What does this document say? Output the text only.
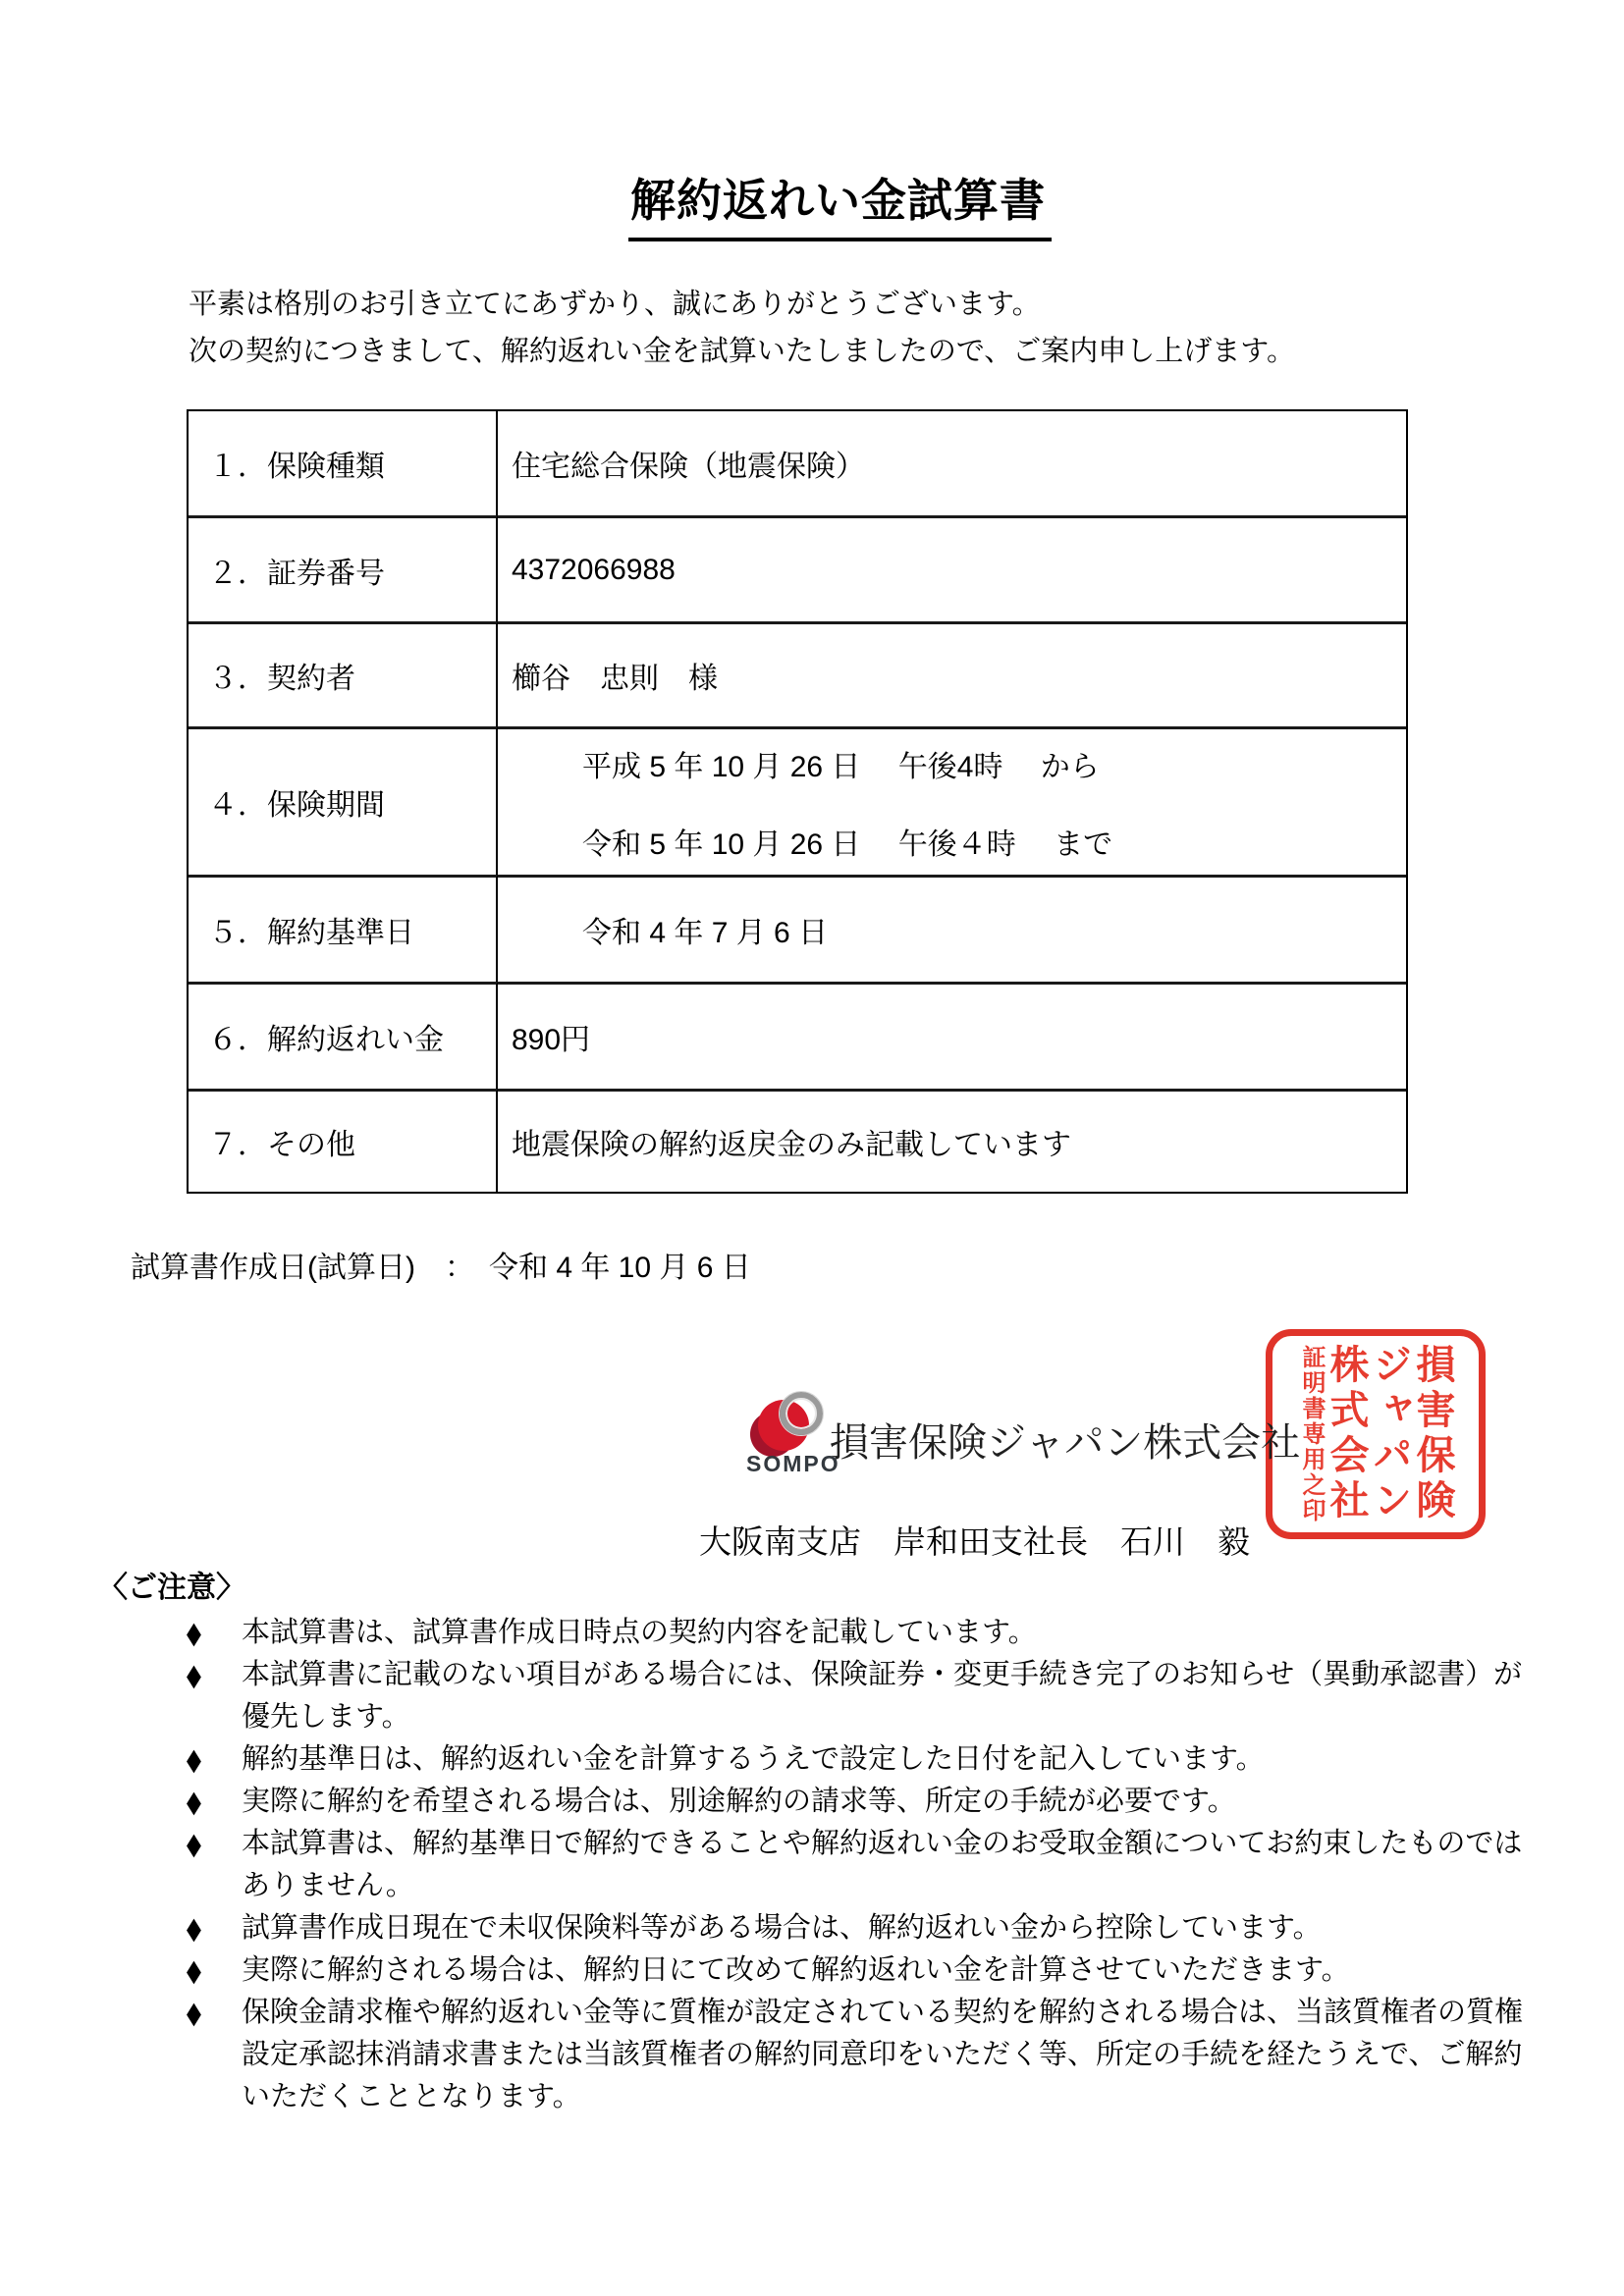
解約返れい金試算書
平素は格別のお引き立てにあずかり、誠にありがとうございます。
次の契約につきまして、解約返れい金を試算いたしましたので、ご案内申し上げます。
１．保険種類	住宅総合保険（地震保険）
２．証券番号	4372066988
３．契約者	櫛谷　忠則　様
４．保険期間
平成 5 年 10 月 26 日　 午後4時　 から
令和 5 年 10 月 26 日　 午後４時　 まで
５．解約基準日	令和 4 年 7 月 6 日
６．解約返れい金	890円
７．その他	地震保険の解約返戻金のみ記載しています
試算書作成日(試算日)　：　 令和 4 年 10 月 6 日
SOMPO
損害保険ジャパン株式会社
大阪南支店　岸和田支社長　石川　毅
損害保険
ジャパン
株式会社
証明書専用之印
〈ご注意〉
◆	本試算書は、試算書作成日時点の契約内容を記載しています。
◆	本試算書に記載のない項目がある場合には、保険証券・変更手続き完了のお知らせ（異動承認書）が優先します。
◆	解約基準日は、解約返れい金を計算するうえで設定した日付を記入しています。
◆	実際に解約を希望される場合は、別途解約の請求等、所定の手続が必要です。
◆	本試算書は、解約基準日で解約できることや解約返れい金のお受取金額についてお約束したものではありません。
◆	試算書作成日現在で未収保険料等がある場合は、解約返れい金から控除しています。
◆	実際に解約される場合は、解約日にて改めて解約返れい金を計算させていただきます。
◆	保険金請求権や解約返れい金等に質権が設定されている契約を解約される場合は、当該質権者の質権設定承認抹消請求書または当該質権者の解約同意印をいただく等、所定の手続を経たうえで、ご解約いただくこととなります。
